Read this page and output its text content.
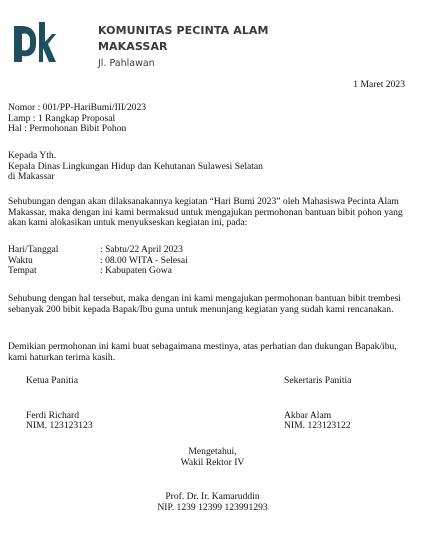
KOMUNITAS PECINTA ALAM
MAKASSAR
Jl. Pahlawan
1 Maret 2023
Nomor : 001/PP-HariBumi/III/2023
Lamp : 1 Rangkap Proposal
Hal : Permohonan Bibit Pohon
Kepada Yth.
Kepala Dinas Lingkungan Hidup dan Kehutanan Sulawesi Selatan
di Makassar
Sehubungan dengan akan dilaksanakannya kegiatan “Hari Bumi 2023” oleh Mahasiswa Pecinta Alam Makassar, maka dengan ini kami bermaksud untuk mengajukan permohonan bantuan bibit pohon yang akan kami alokasikan untuk menyukseskan kegiatan ini, pada:
Hari/Tanggal	: Sabtu/22 April 2023
Waktu	: 08.00 WITA - Selesai
Tempat	: Kabupaten Gowa
Sehubung dengan hal tersebut, maka dengan ini kami mengajukan permohonan bantuan bibit trembesi sebanyak 200 bibit kepada Bapak/Ibu guna untuk menunjang kegiatan yang sudah kami rencanakan.
Demikian permohonan ini kami buat sebagaimana mestinya, atas perhatian dan dukungan Bapak/ibu, kami haturkan terima kasih.
Ketua Panitia
Ferdi Richard
NIM. 123123123
Sekertaris Panitia
Akbar Alam
NIM. 123123122
Mengetahui,
Wakil Rektor IV
Prof. Dr. Ir. Kamaruddin
NIP. 1239 12399 123991293
